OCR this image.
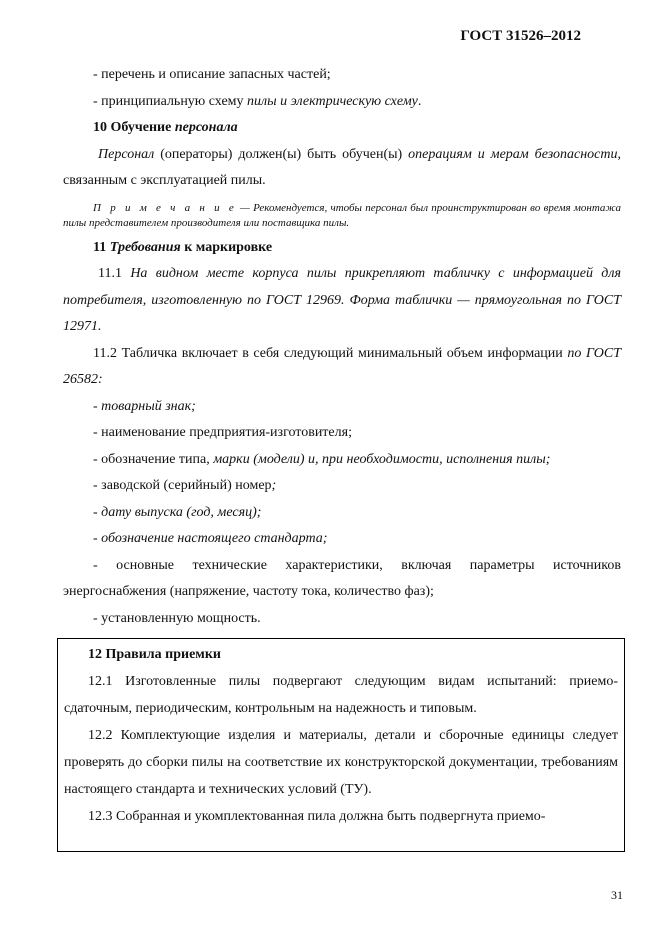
ГОСТ 31526–2012

- перечень и описание запасных частей;

- принципиальную схему пилы и электрическую схему.

10 Обучение персонала

Персонал (операторы) должен(ы) быть обучен(ы) операциям и мерам безопасности, связанным с эксплуатацией пилы.

П р и м е ч а н и е — Рекомендуется, чтобы персонал был проинструктирован во время монтажа пилы представителем производителя или поставщика пилы.

11 Требования к маркировке

11.1 На видном месте корпуса пилы прикрепляют табличку с информацией для потребителя, изготовленную по ГОСТ 12969. Форма таблички — прямоугольная по ГОСТ 12971.

11.2 Табличка включает в себя следующий минимальный объем информации по ГОСТ 26582:

- товарный знак;

- наименование предприятия-изготовителя;

- обозначение типа, марки (модели) и, при необходимости, исполнения пилы;

- заводской (серийный) номер;

- дату выпуска (год, месяц);

- обозначение настоящего стандарта;

- основные технические характеристики, включая параметры источников энергоснабжения (напряжение, частоту тока, количество фаз);

- установленную мощность.

12 Правила приемки

12.1 Изготовленные пилы подвергают следующим видам испытаний: приемо-сдаточным, периодическим, контрольным на надежность и типовым.

12.2 Комплектующие изделия и материалы, детали и сборочные единицы следует проверять до сборки пилы на соответствие их конструкторской документации, требованиям настоящего стандарта и технических условий (ТУ).

12.3 Собранная и укомплектованная пила должна быть подвергнута приемо-

31
